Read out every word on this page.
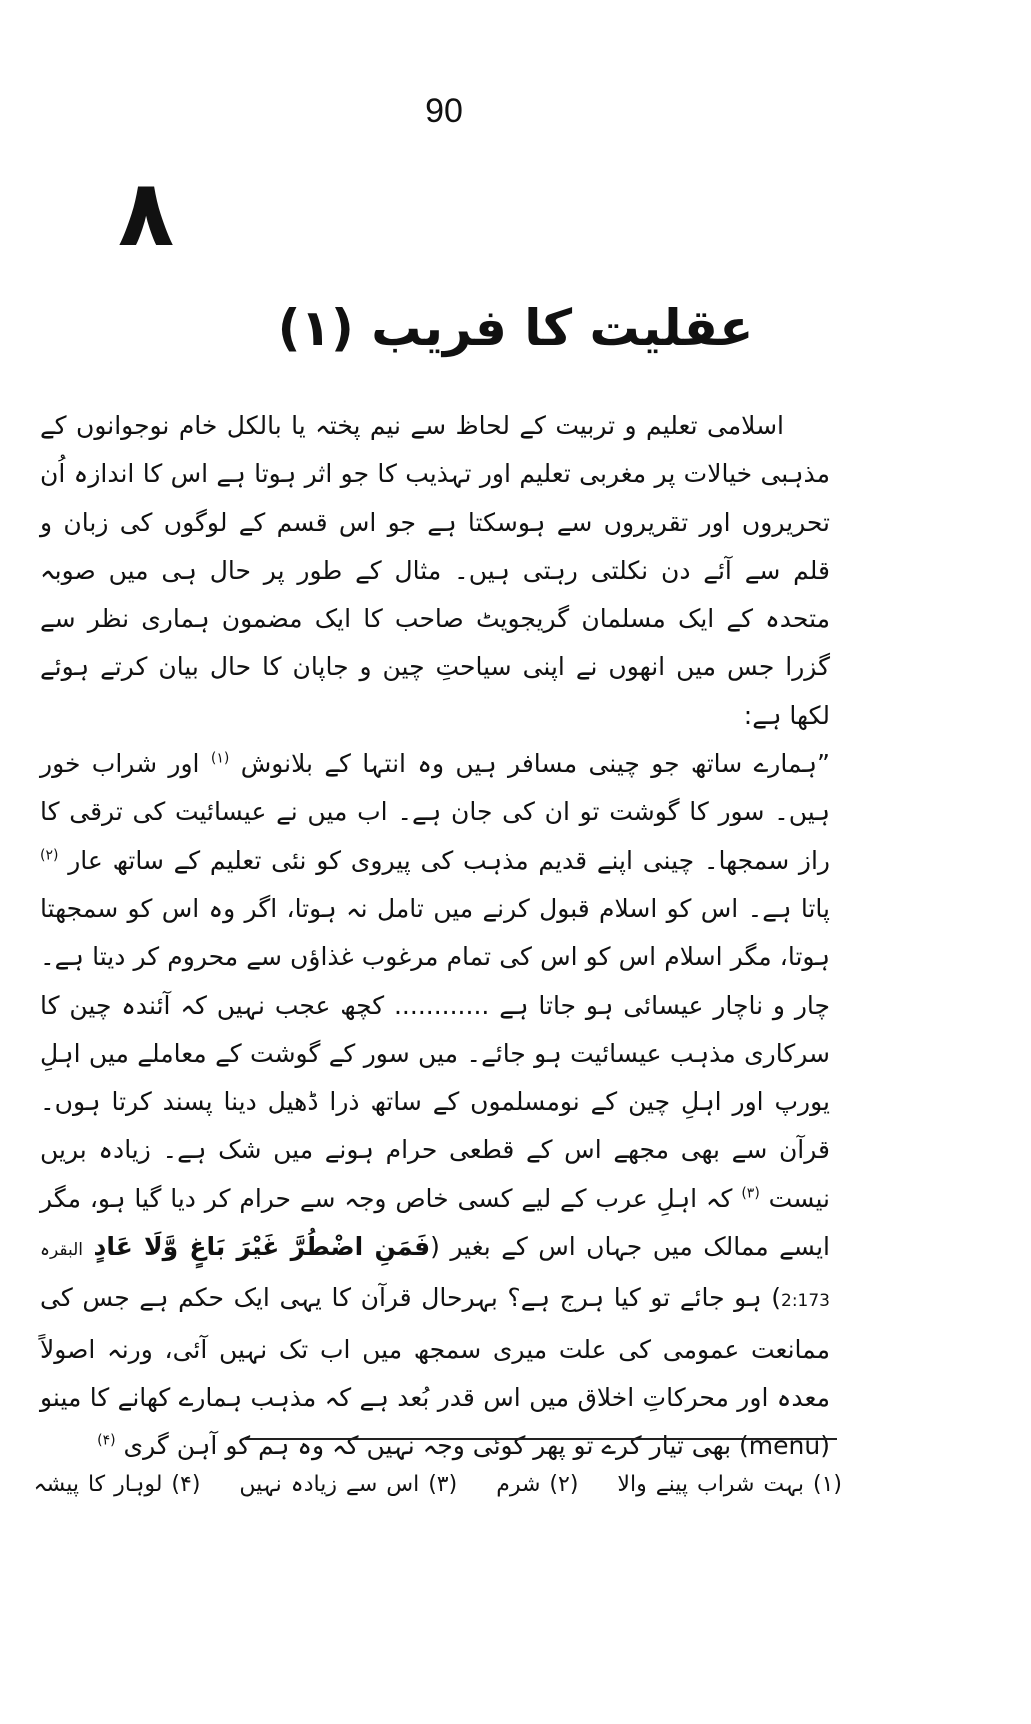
90
٨
عقلیت کا فریب (۱)

اسلامی تعلیم و تربیت کے لحاظ سے نیم پختہ یا بالکل خام نوجوانوں کے مذہبی خیالات پر مغربی تعلیم اور تہذیب کا جو اثر ہوتا ہے اس کا اندازہ اُن تحریروں اور تقریروں سے ہوسکتا ہے جو اس قسم کے لوگوں کی زبان و قلم سے آئے دن نکلتی رہتی ہیں۔ مثال کے طور پر حال ہی میں صوبہ متحدہ کے ایک مسلمان گریجویٹ صاحب کا ایک مضمون ہماری نظر سے گزرا جس میں انھوں نے اپنی سیاحتِ چین و جاپان کا حال بیان کرتے ہوئے لکھا ہے:

”ہمارے ساتھ جو چینی مسافر ہیں وہ انتہا کے بلانوش $^{(۱)}$ اور شراب خور ہیں۔ سور کا گوشت تو ان کی جان ہے۔ اب میں نے عیسائیت کی ترقی کا راز سمجھا۔ چینی اپنے قدیم مذہب کی پیروی کو نئی تعلیم کے ساتھ عار $^{(۲)}$ پاتا ہے۔ اس کو اسلام قبول کرنے میں تامل نہ ہوتا، اگر وہ اس کو سمجھتا ہوتا، مگر اسلام اس کو اس کی تمام مرغوب غذاؤں سے محروم کر دیتا ہے۔ چار و ناچار عیسائی ہو جاتا ہے ............ کچھ عجب نہیں کہ آئندہ چین کا سرکاری مذہب عیسائیت ہو جائے۔ میں سور کے گوشت کے معاملے میں اہلِ یورپ اور اہلِ چین کے نومسلموں کے ساتھ ذرا ڈھیل دینا پسند کرتا ہوں۔ قرآن سے بھی مجھے اس کے قطعی حرام ہونے میں شک ہے۔ زیادہ بریں نیست $^{(۳)}$ کہ اہلِ عرب کے لیے کسی خاص وجہ سے حرام کر دیا گیا ہو، مگر ایسے ممالک میں جہاں اس کے بغیر (فَمَنِ اضْطُرَّ غَيْرَ بَاغٍ وَّلَا عَادٍ البقرہ 2:173) ہو جائے تو کیا ہرج ہے؟ بہرحال قرآن کا یہی ایک حکم ہے جس کی ممانعت عمومی کی علت میری سمجھ میں اب تک نہیں آئی، ورنہ اصولاً معدہ اور محرکاتِ اخلاق میں اس قدر بُعد ہے کہ مذہب ہمارے کھانے کا مینو (menu) بھی تیار کرے تو پھر کوئی وجہ نہیں کہ وہ ہم کو آہن گری $^{(۴)}$

(۱) بہت شراب پینے والا (۲) شرم (۳) اس سے زیادہ نہیں (۴) لوہار کا پیشہ
